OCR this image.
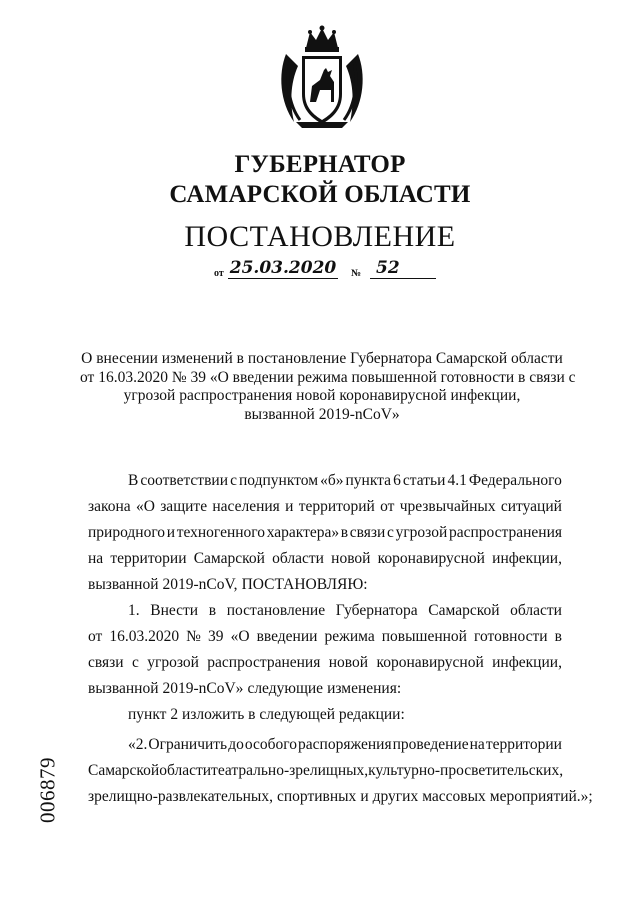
ГУБЕРНАТОР
САМАРСКОЙ ОБЛАСТИ
ПОСТАНОВЛЕНИЕ
от 25.03.2020 № 52
О внесении изменений в постановление Губернатора Самарской области
от 16.03.2020 № 39 «О введении режима повышенной готовности в связи с
угрозой распространения новой коронавирусной инфекции,
вызванной 2019-nCoV»
В соответствии с подпунктом «б» пункта 6 статьи 4.1 Федерального
закона «О защите населения и территорий от чрезвычайных ситуаций
природного и техногенного характера» в связи с угрозой распространения
на территории Самарской области новой коронавирусной инфекции,
вызванной 2019-nCoV, ПОСТАНОВЛЯЮ:
1. Внести в постановление Губернатора Самарской области
от 16.03.2020 № 39 «О введении режима повышенной готовности в
связи с угрозой распространения новой коронавирусной инфекции,
вызванной 2019-nCoV» следующие изменения:
пункт 2 изложить в следующей редакции:
«2. Ограничить до особого распоряжения проведение на территории
Самарской области театрально-зрелищных, культурно-просветительских,
зрелищно-развлекательных, спортивных и других массовых мероприятий.»;
006879
